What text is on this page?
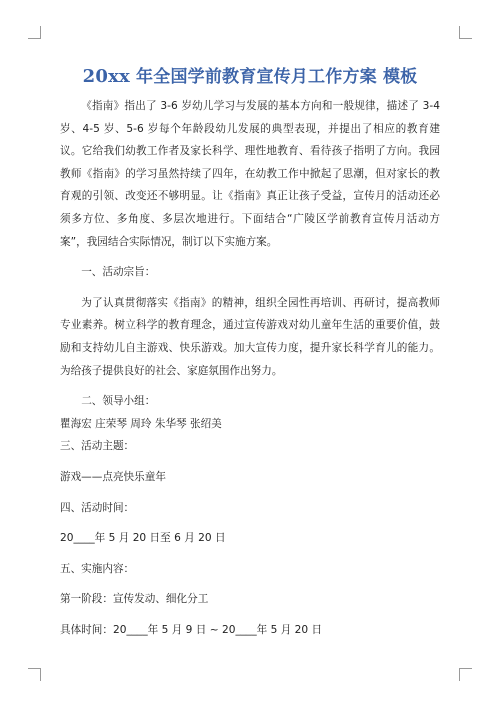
20xx 年全国学前教育宣传月工作方案 模板

《指南》指出了 3-6 岁幼儿学习与发展的基本方向和一般规律，描述了 3-4 岁、4-5 岁、5-6 岁每个年龄段幼儿发展的典型表现，并提出了相应的教育建议。它给我们幼教工作者及家长科学、理性地教育、看待孩子指明了方向。我园教师《指南》的学习虽然持续了四年，在幼教工作中掀起了思潮，但对家长的教育观的引领、改变还不够明显。让《指南》真正让孩子受益，宣传月的活动还必须多方位、多角度、多层次地进行。下面结合“广陵区学前教育宣传月活动方案”，我园结合实际情况，制订以下实施方案。

一、活动宗旨：

为了认真贯彻落实《指南》的精神，组织全园性再培训、再研讨，提高教师专业素养。树立科学的教育理念，通过宣传游戏对幼儿童年生活的重要价值，鼓励和支持幼儿自主游戏、快乐游戏。加大宣传力度，提升家长科学育儿的能力。为给孩子提供良好的社会、家庭氛围作出努力。

二、领导小组：

瞿海宏 庄荣琴 周玲 朱华琴 张绍美

三、活动主题：

游戏——点亮快乐童年

四、活动时间：

20____年 5 月 20 日至 6 月 20 日

五、实施内容：

第一阶段：宣传发动、细化分工

具体时间：20____年 5 月 9 日 ~ 20____年 5 月 20 日
